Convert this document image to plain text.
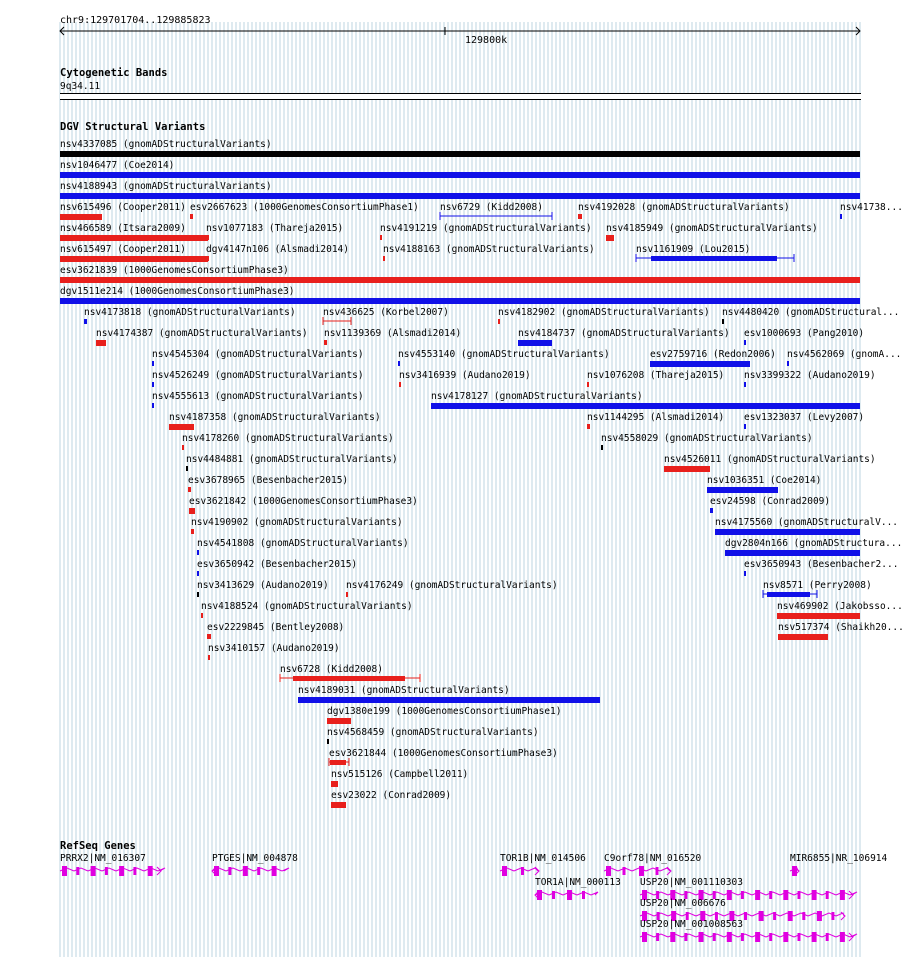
chr9:129701704..129885823
129800k
Cytogenetic Bands
9q34.11
DGV Structural Variants
nsv4337085 (gnomADStructuralVariants)
nsv1046477 (Coe2014)
nsv4188943 (gnomADStructuralVariants)
nsv615496 (Cooper2011) esv2667623 (1000GenomesConsortiumPhase1) nsv6729 (Kidd2008)	nsv4192028 (gnomADStructuralVariants)	nsv41738...
nsv466589 (Itsara2009) nsv1077183 (Thareja2015)	nsv4191219 (gnomADStructuralVariants) nsv4185949 (gnomADStructuralVariants)
nsv615497 (Cooper2011) dgv4147n106 (Alsmadi2014)	nsv4188163 (gnomADStructuralVariants)	nsv1161909 (Lou2015)
esv3621839 (1000GenomesConsortiumPhase3)
dgv1511e214 (1000GenomesConsortiumPhase3)
nsv4173818 (gnomADStructuralVariants)	nsv436625 (Korbel2007)	nsv4182902 (gnomADStructuralVariants) nsv4480420 (gnomADStructural...
nsv4174387 (gnomADStructuralVariants) nsv1139369 (Alsmadi2014)	nsv4184737 (gnomADStructuralVariants) esv1000693 (Pang2010)
nsv4545304 (gnomADStructuralVariants)	nsv4553140 (gnomADStructuralVariants)	esv2759716 (Redon2006) nsv4562069 (gnomA...
nsv4526249 (gnomADStructuralVariants)	nsv3416939 (Audano2019)	nsv1076208 (Thareja2015) nsv3399322 (Audano2019)
nsv4555613 (gnomADStructuralVariants)	nsv4178127 (gnomADStructuralVariants)
nsv4187358 (gnomADStructuralVariants)	nsv1144295 (Alsmadi2014) esv1323037 (Levy2007)
nsv4178260 (gnomADStructuralVariants)	nsv4558029 (gnomADStructuralVariants)
nsv4484881 (gnomADStructuralVariants)	nsv4526011 (gnomADStructuralVariants)
esv3678965 (Besenbacher2015)	nsv1036351 (Coe2014)
esv3621842 (1000GenomesConsortiumPhase3)	esv24598 (Conrad2009)
nsv4190902 (gnomADStructuralVariants)	nsv4175560 (gnomADStructuralV...
nsv4541808 (gnomADStructuralVariants)	dgv2804n166 (gnomADStructura...
esv3650942 (Besenbacher2015)	esv3650943 (Besenbacher2...
nsv3413629 (Audano2019) nsv4176249 (gnomADStructuralVariants)	nsv8571 (Perry2008)
nsv4188524 (gnomADStructuralVariants)	nsv469902 (Jakobsso...
esv2229845 (Bentley2008)	nsv517374 (Shaikh20...
nsv3410157 (Audano2019)
nsv6728 (Kidd2008)
nsv4189031 (gnomADStructuralVariants)
dgv1380e199 (1000GenomesConsortiumPhase1)
nsv4568459 (gnomADStructuralVariants)
esv3621844 (1000GenomesConsortiumPhase3)
nsv515126 (Campbell2011)
esv23022 (Conrad2009)
RefSeq Genes
PRRX2|NM_016307	PTGES|NM_004878	TOR1B|NM_014506 C9orf78|NM_016520	MIR6855|NR_106914
TOR1A|NM_000113 USP20|NM_001110303
USP20|NM_006676
USP20|NM_001008563
